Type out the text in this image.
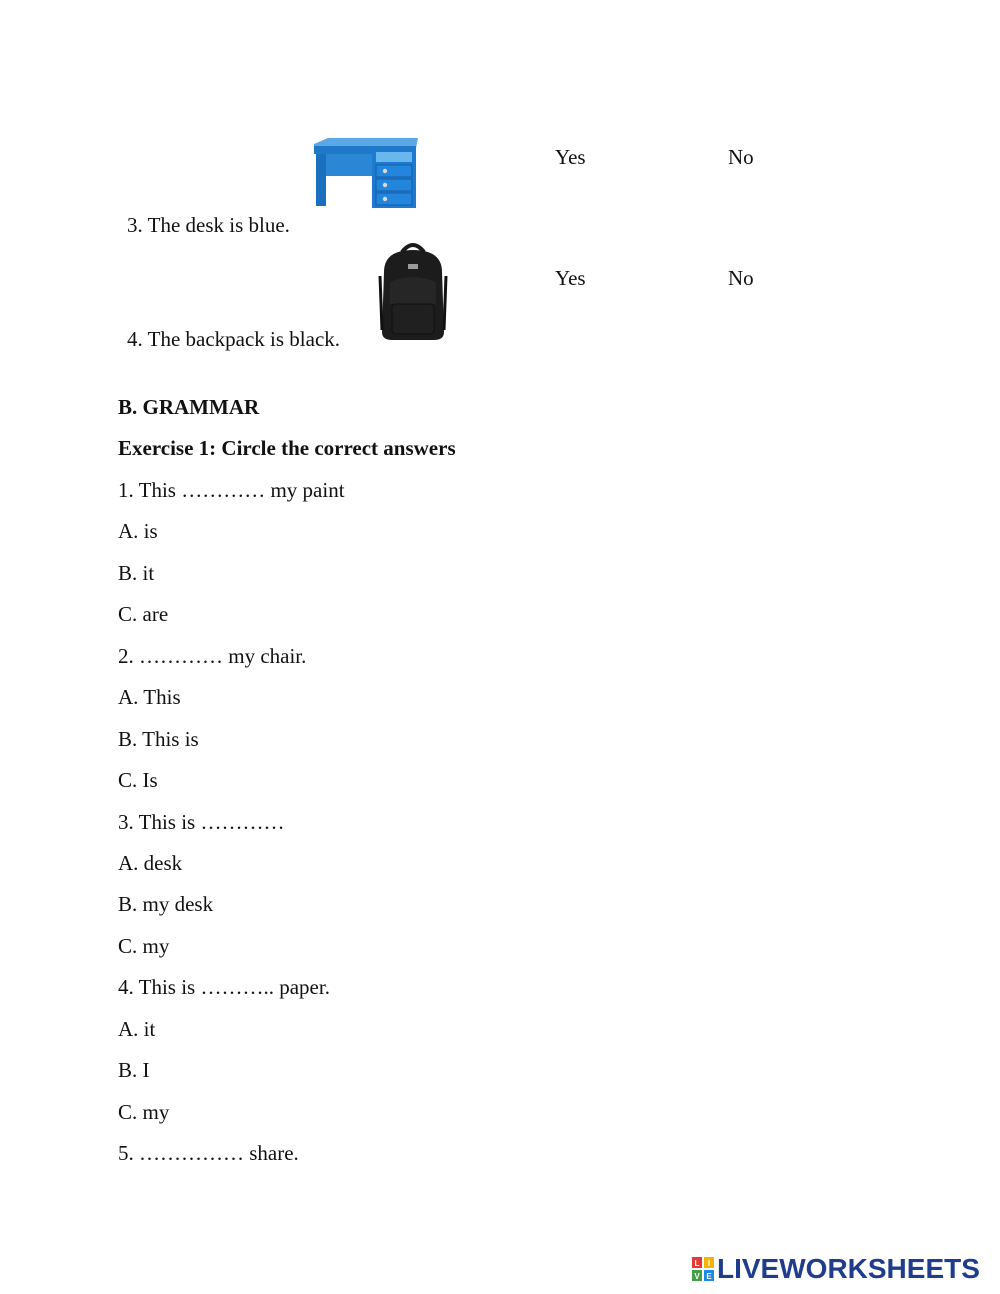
Yes	No
3. The desk is blue.
Yes	No
4. The backpack is black.
B. GRAMMAR
Exercise 1: Circle the correct answers
1. This ………… my paint
A. is
B. it
C. are
2. ………… my chair.
A. This
B. This is
C. Is
3. This is …………
A. desk
B. my desk
C. my
4. This is ……….. paper.
A. it
B. I
C. my
5. …………… share.
L I
V E LIVEWORKSHEETS
